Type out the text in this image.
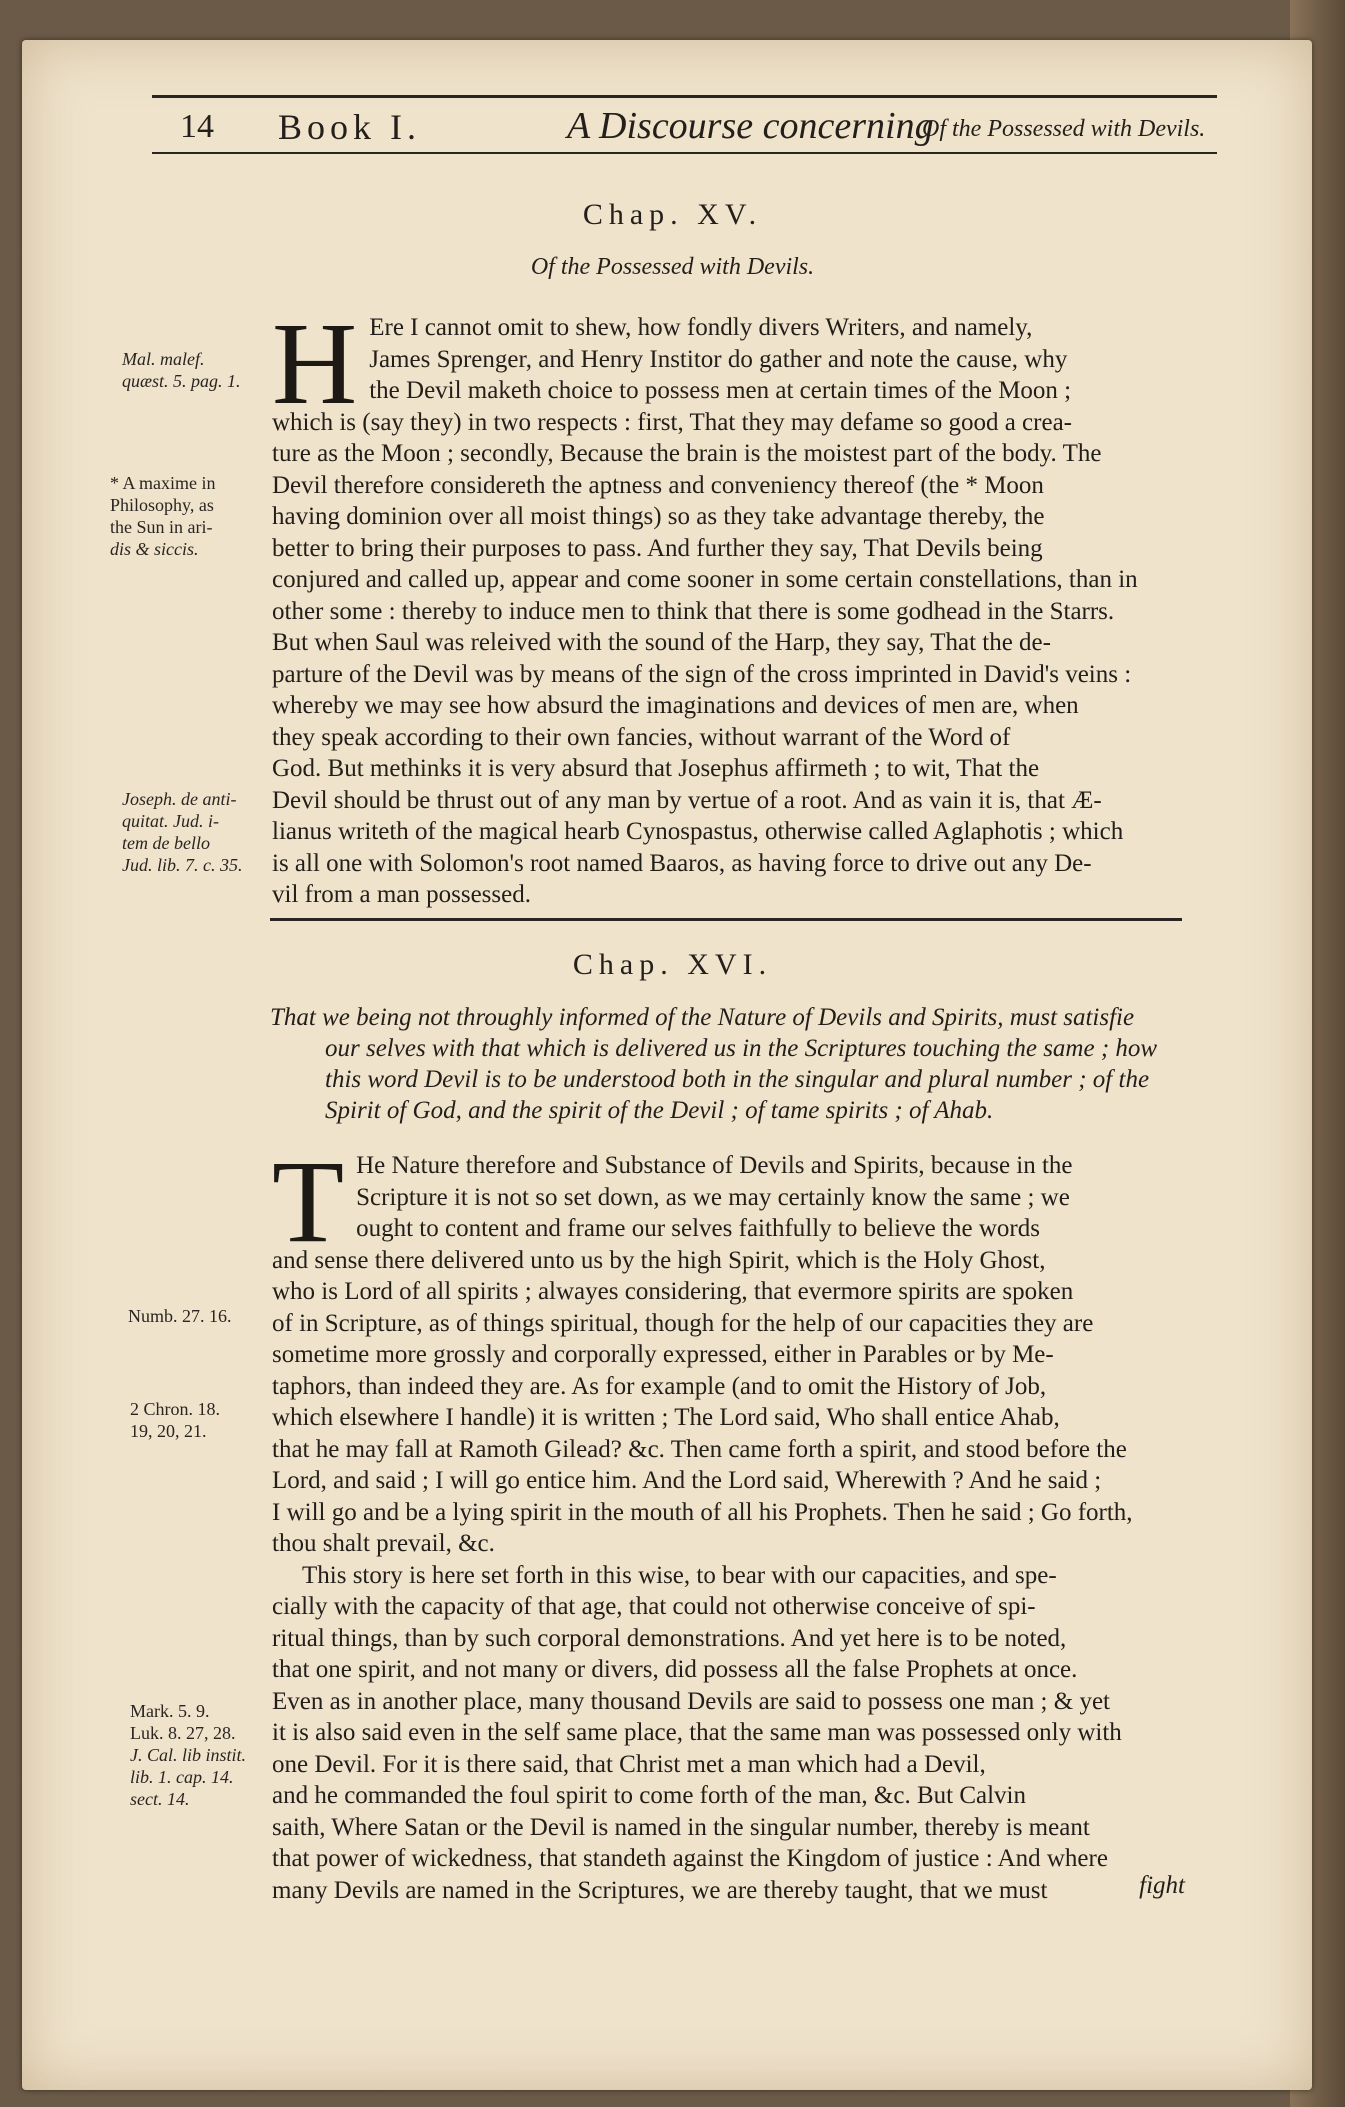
14 Book I.	A Discourse concerning
Of the Possessed with Devils.
Chap. XV.
Of the Possessed with Devils.
H Ere I cannot omit to shew, how fondly divers Writers, and namely,
James Sprenger, and Henry Institor do gather and note the cause, why
the Devil maketh choice to possess men at certain times of the Moon ;
which is (say they) in two respects : first, That they may defame so good a crea-
ture as the Moon ; secondly, Because the brain is the moistest part of the body. The
Devil therefore considereth the aptness and conveniency thereof (the * Moon
having dominion over all moist things) so as they take advantage thereby, the
better to bring their purposes to pass. And further they say, That Devils being
conjured and called up, appear and come sooner in some certain constellations, than in
other some : thereby to induce men to think that there is some godhead in the Starrs.
But when Saul was releived with the sound of the Harp, they say, That the de-
parture of the Devil was by means of the sign of the cross imprinted in David's veins :
whereby we may see how absurd the imaginations and devices of men are, when
they speak according to their own fancies, without warrant of the Word of
God. But methinks it is very absurd that Josephus affirmeth ; to wit, That the
Devil should be thrust out of any man by vertue of a root. And as vain it is, that Æ-
lianus writeth of the magical hearb Cynospastus, otherwise called Aglaphotis ; which
is all one with Solomon's root named Baaros, as having force to drive out any De-
vil from a man possessed.
Mal. malef.
quæst. 5. pag. 1.
* A maxime in
Philosophy, as
the Sun in ari-
dis & siccis.
Joseph. de anti-
quitat. Jud. i-
tem de bello
Jud. lib. 7. c. 35.
Chap. XVI.
That we being not throughly informed of the Nature of Devils and Spirits, must satisfie
our selves with that which is delivered us in the Scriptures touching the same ; how
this word Devil is to be understood both in the singular and plural number ; of the
Spirit of God, and the spirit of the Devil ; of tame spirits ; of Ahab.
T He Nature therefore and Substance of Devils and Spirits, because in the
Scripture it is not so set down, as we may certainly know the same ; we
ought to content and frame our selves faithfully to believe the words
and sense there delivered unto us by the high Spirit, which is the Holy Ghost,
who is Lord of all spirits ; alwayes considering, that evermore spirits are spoken
of in Scripture, as of things spiritual, though for the help of our capacities they are
sometime more grossly and corporally expressed, either in Parables or by Me-
taphors, than indeed they are. As for example (and to omit the History of Job,
which elsewhere I handle) it is written ; The Lord said, Who shall entice Ahab,
that he may fall at Ramoth Gilead? &c. Then came forth a spirit, and stood before the
Lord, and said ; I will go entice him. And the Lord said, Wherewith ? And he said ;
I will go and be a lying spirit in the mouth of all his Prophets. Then he said ; Go forth,
thou shalt prevail, &c.
This story is here set forth in this wise, to bear with our capacities, and spe-
cially with the capacity of that age, that could not otherwise conceive of spi-
ritual things, than by such corporal demonstrations. And yet here is to be noted,
that one spirit, and not many or divers, did possess all the false Prophets at once.
Even as in another place, many thousand Devils are said to possess one man ; & yet
it is also said even in the self same place, that the same man was possessed only with
one Devil. For it is there said, that Christ met a man which had a Devil,
and he commanded the foul spirit to come forth of the man, &c. But Calvin
saith, Where Satan or the Devil is named in the singular number, thereby is meant
that power of wickedness, that standeth against the Kingdom of justice : And where
many Devils are named in the Scriptures, we are thereby taught, that we must
Numb. 27. 16.
2 Chron. 18.
19, 20, 21.
Mark. 5. 9.
Luk. 8. 27, 28.
J. Cal. lib instit.
lib. 1. cap. 14.
sect. 14.
fight
